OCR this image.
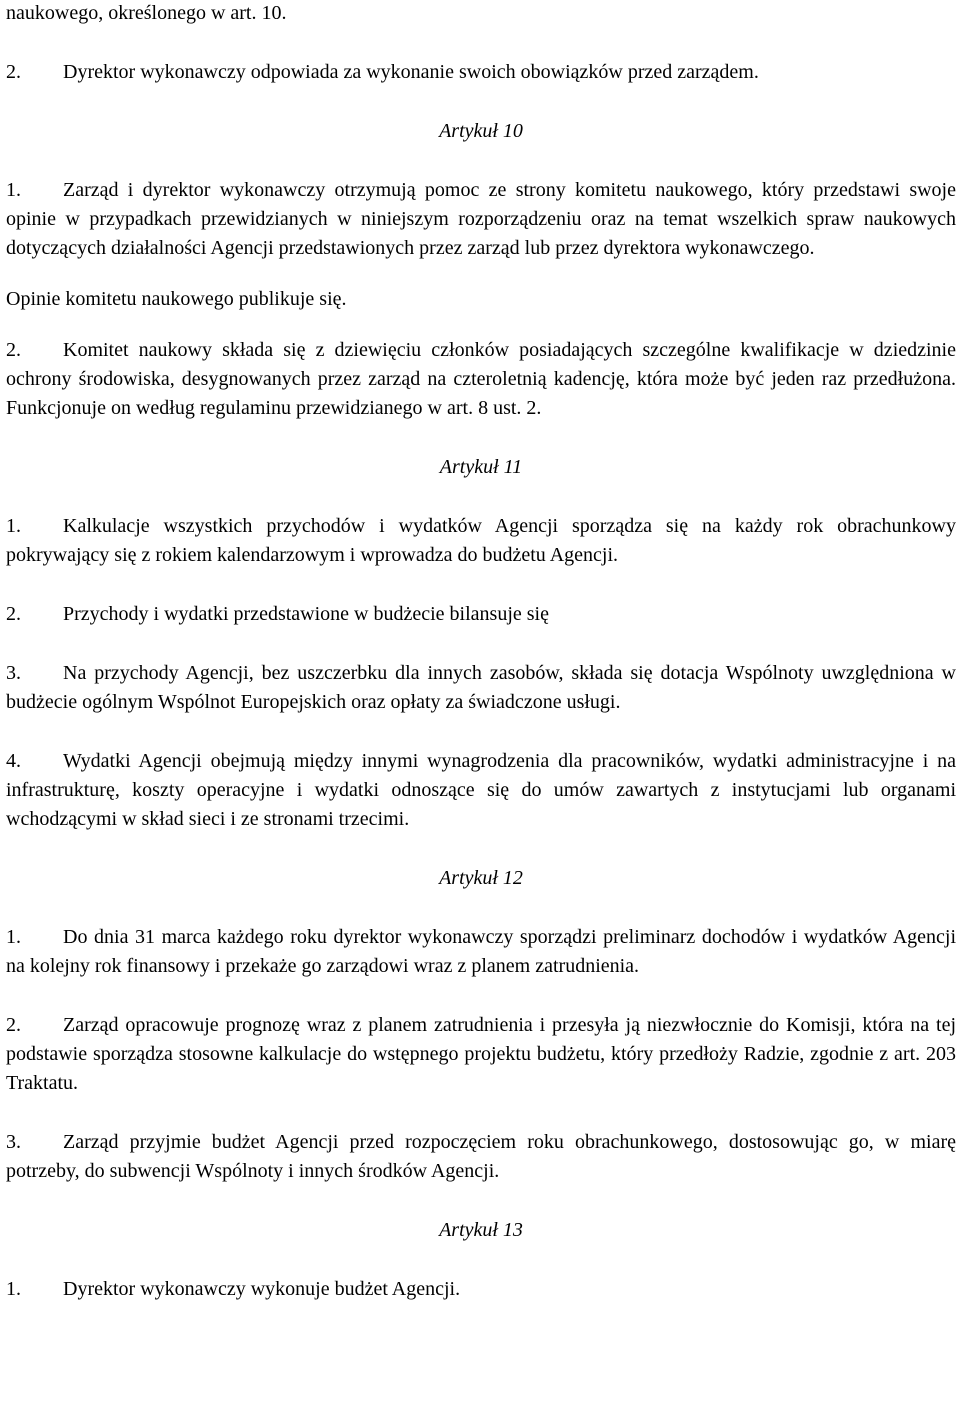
naukowego, określonego w art. 10.

2. Dyrektor wykonawczy odpowiada za wykonanie swoich obowiązków przed zarządem.

Artykuł 10

1. Zarząd i dyrektor wykonawczy otrzymują pomoc ze strony komitetu naukowego, który przedstawi swoje opinie w przypadkach przewidzianych w niniejszym rozporządzeniu oraz na temat wszelkich spraw naukowych dotyczących działalności Agencji przedstawionych przez zarząd lub przez dyrektora wykonawczego.

Opinie komitetu naukowego publikuje się.

2. Komitet naukowy składa się z dziewięciu członków posiadających szczególne kwalifikacje w dziedzinie ochrony środowiska, desygnowanych przez zarząd na czteroletnią kadencję, która może być jeden raz przedłużona. Funkcjonuje on według regulaminu przewidzianego w art. 8 ust. 2.

Artykuł 11

1. Kalkulacje wszystkich przychodów i wydatków Agencji sporządza się na każdy rok obrachunkowy pokrywający się z rokiem kalendarzowym i wprowadza do budżetu Agencji.

2. Przychody i wydatki przedstawione w budżecie bilansuje się

3. Na przychody Agencji, bez uszczerbku dla innych zasobów, składa się dotacja Wspólnoty uwzględniona w budżecie ogólnym Wspólnot Europejskich oraz opłaty za świadczone usługi.

4. Wydatki Agencji obejmują między innymi wynagrodzenia dla pracowników, wydatki administracyjne i na infrastrukturę, koszty operacyjne i wydatki odnoszące się do umów zawartych z instytucjami lub organami wchodzącymi w skład sieci i ze stronami trzecimi.

Artykuł 12

1. Do dnia 31 marca każdego roku dyrektor wykonawczy sporządzi preliminarz dochodów i wydatków Agencji na kolejny rok finansowy i przekaże go zarządowi wraz z planem zatrudnienia.

2. Zarząd opracowuje prognozę wraz z planem zatrudnienia i przesyła ją niezwłocznie do Komisji, która na tej podstawie sporządza stosowne kalkulacje do wstępnego projektu budżetu, który przedłoży Radzie, zgodnie z art. 203 Traktatu.

3. Zarząd przyjmie budżet Agencji przed rozpoczęciem roku obrachunkowego, dostosowując go, w miarę potrzeby, do subwencji Wspólnoty i innych środków Agencji.

Artykuł 13

1. Dyrektor wykonawczy wykonuje budżet Agencji.
